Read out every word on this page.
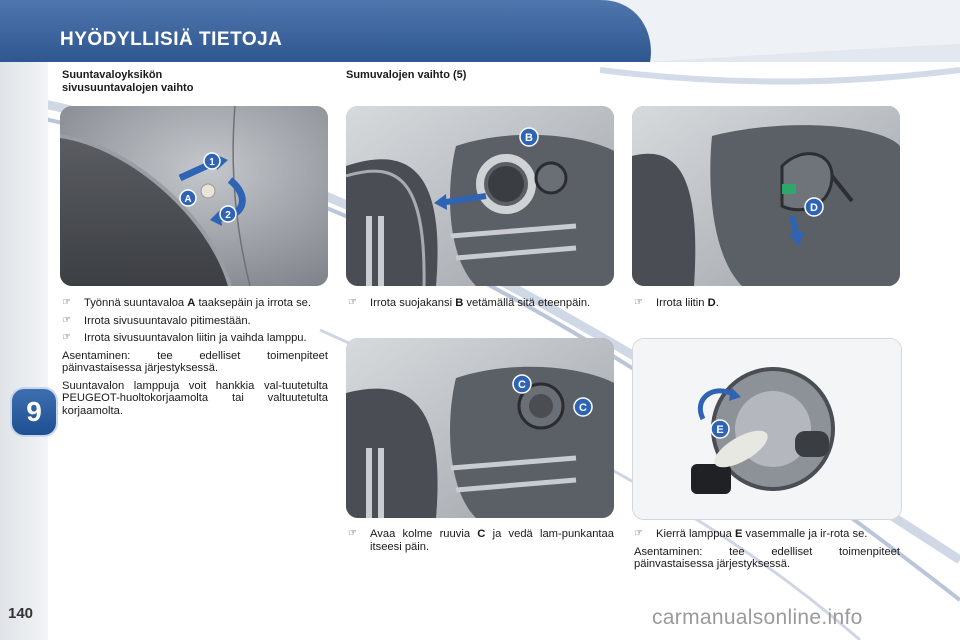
HYÖDYLLISIÄ TIETOJA
9
140
Suuntavaloyksikön
sivusuuntavalojen vaihto
Sumuvalojen vaihto (5)
1
A
2
B
D
C
C
E

☞ Työnnä suuntavaloa A taaksepäin ja irrota se.

☞ Irrota sivusuuntavalo pitimestään.

☞ Irrota sivusuuntavalon liitin ja vaihda lamppu.

Asentaminen: tee edelliset toimenpiteet päinvastaisessa järjestyksessä.

Suuntavalon lamppuja voit hankkia val-tuutetulta PEUGEOT-huoltokorjaamolta tai valtuutetulta korjaamolta.

☞ Irrota suojakansi B vetämällä sitä eteenpäin.	☞ Irrota liitin D.

☞ Avaa kolme ruuvia C ja vedä lam-punkantaa itseesi päin.

☞ Kierrä lamppua E vasemmalle ja ir-rota se.

Asentaminen: tee edelliset toimenpiteet päinvastaisessa järjestyksessä.

carmanualsonline.info
